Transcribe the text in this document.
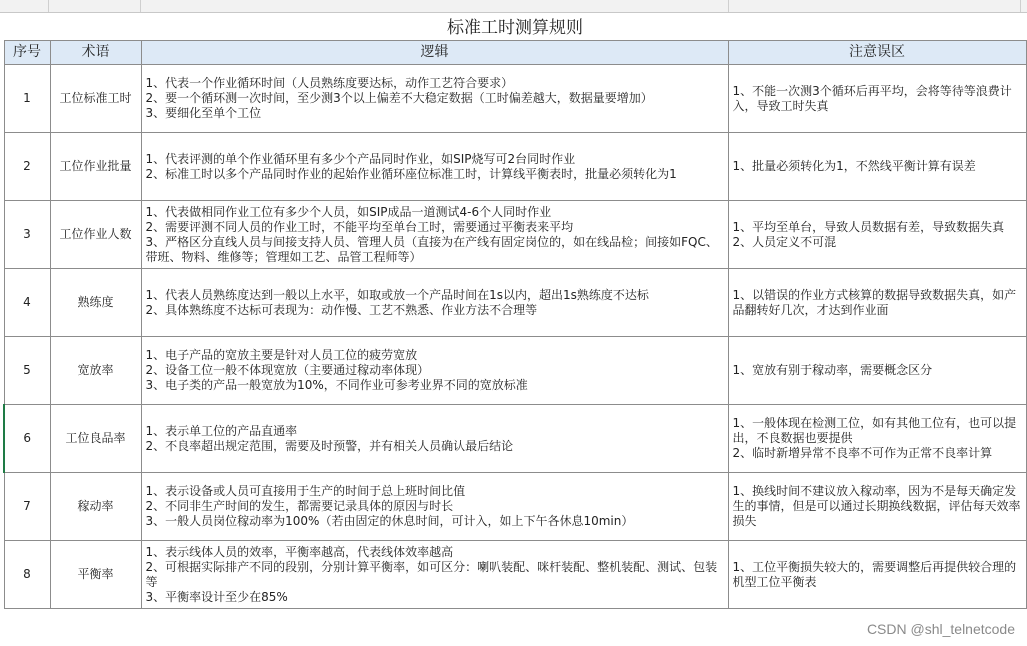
标准工时测算规则			
序号	术语	逻辑	注意误区
1	工位标准工时	1、代表一个作业循环时间（人员熟练度要达标，动作工艺符合要求）
2、要一个循环测一次时间，至少测3个以上偏差不大稳定数据（工时偏差越大，数据量要增加）
3、要细化至单个工位	1、不能一次测3个循环后再平均，会将等待等浪费计入，导致工时失真

2	工位作业批量	1、代表评测的单个作业循环里有多少个产品同时作业，如SIP烧写可2台同时作业
2、标准工时以多个产品同时作业的起始作业循环座位标准工时，计算线平衡表时，批量必须转化为1	1、批量必须转化为1，不然线平衡计算有误差

3	工位作业人数	1、代表做相同作业工位有多少个人员，如SIP成品一道测试4-6个人同时作业
2、需要评测不同人员的作业工时，不能平均至单台工时，需要通过平衡表来平均
3、严格区分直线人员与间接支持人员、管理人员（直接为在产线有固定岗位的，如在线品检；间接如FQC、带班、物料、维修等；管理如工艺、品管工程师等）	1、平均至单台，导致人员数据有差，导致数据失真
2、人员定义不可混

4	熟练度	1、代表人员熟练度达到一般以上水平，如取或放一个产品时间在1s以内，超出1s熟练度不达标
2、具体熟练度不达标可表现为：动作慢、工艺不熟悉、作业方法不合理等	1、以错误的作业方式核算的数据导致数据失真，如产品翻转好几次，才达到作业面

5	宽放率	1、电子产品的宽放主要是针对人员工位的疲劳宽放
2、设备工位一般不体现宽放（主要通过稼动率体现）
3、电子类的产品一般宽放为10%，不同作业可参考业界不同的宽放标准	1、宽放有别于稼动率，需要概念区分

6	工位良品率	1、表示单工位的产品直通率
2、不良率超出规定范围，需要及时预警，并有相关人员确认最后结论	1、一般体现在检测工位，如有其他工位有，也可以提出，不良数据也要提供
2、临时新增异常不良率不可作为正常不良率计算

7	稼动率	1、表示设备或人员可直接用于生产的时间于总上班时间比值
2、不同非生产时间的发生，都需要记录具体的原因与时长
3、一般人员岗位稼动率为100%（若由固定的休息时间，可计入，如上下午各休息10min）	1、换线时间不建议放入稼动率，因为不是每天确定发生的事情，但是可以通过长期换线数据，评估每天效率损失

8	平衡率	1、表示线体人员的效率，平衡率越高，代表线体效率越高
2、可根据实际排产不同的段别，分别计算平衡率，如可区分：喇叭装配、咪杆装配、整机装配、测试、包装等
3、平衡率设计至少在85%	1、工位平衡损失较大的，需要调整后再提供较合理的机型工位平衡表
CSDN @shl_telnetcode
